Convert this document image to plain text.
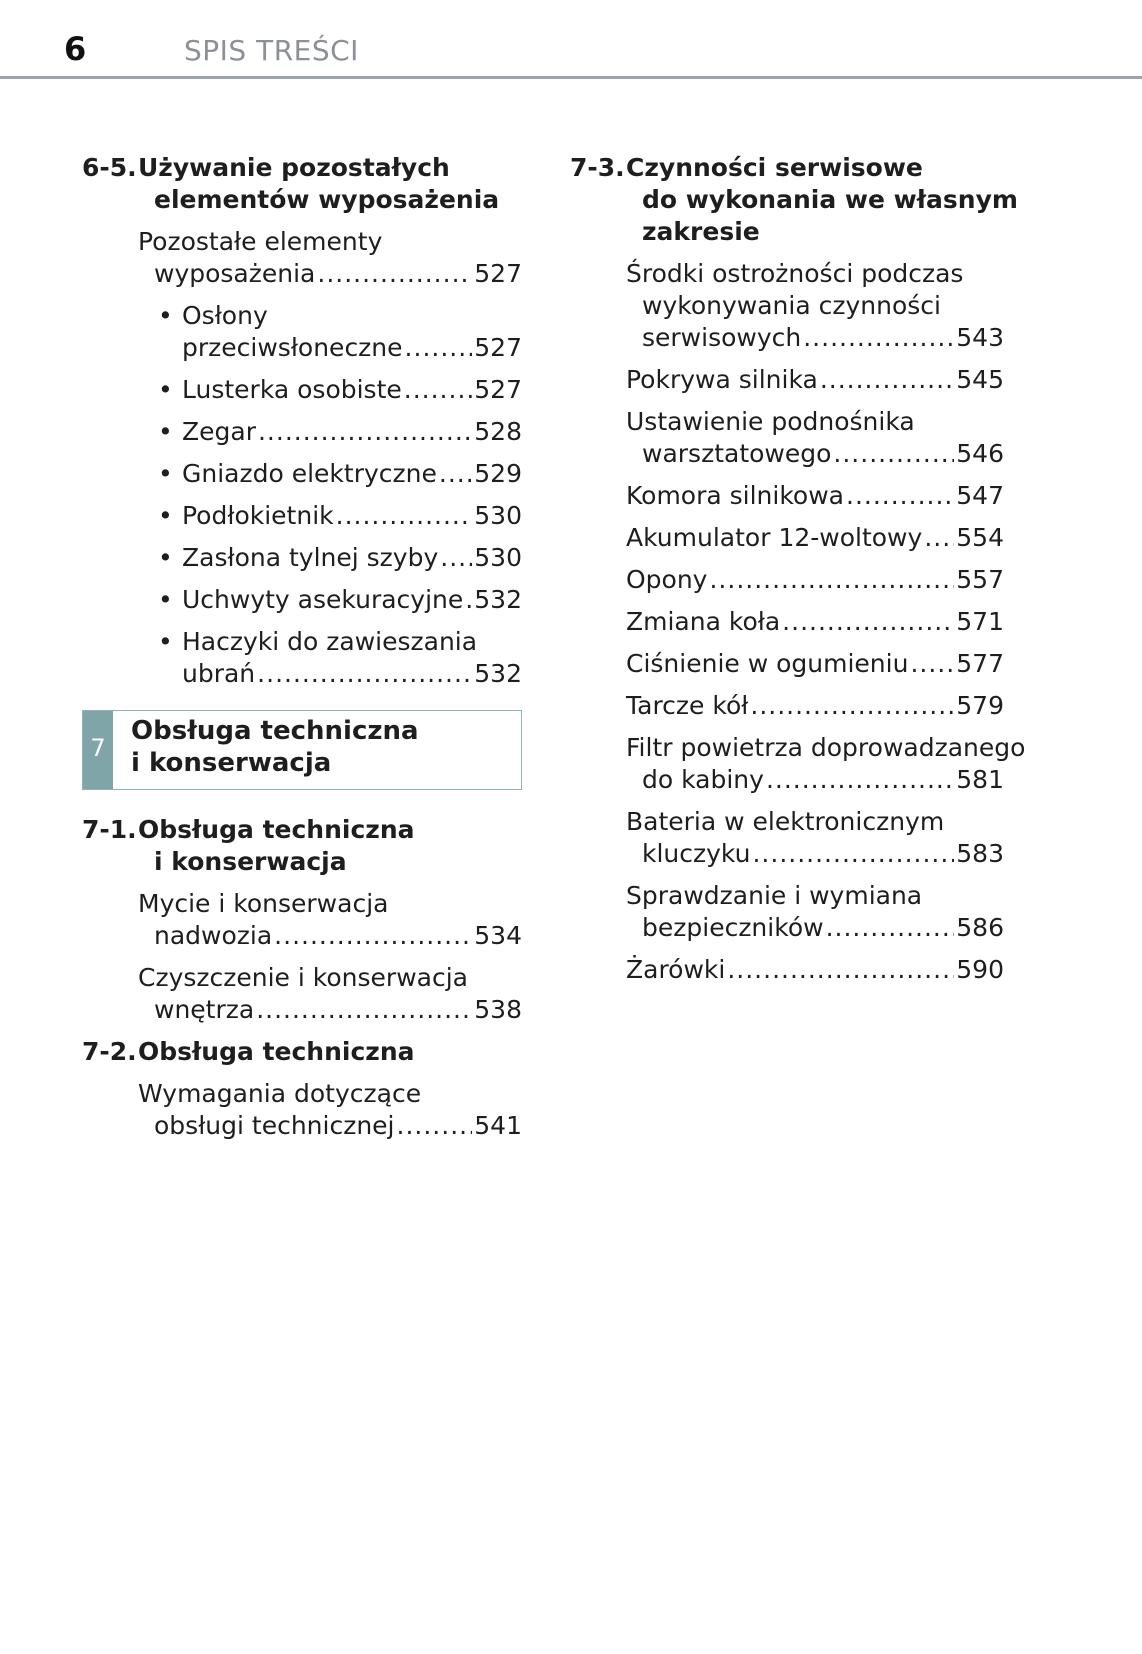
6	SPIS TREŚCI
6-5.Używanie pozostałych
elementów wyposażenia
Pozostałe elementy
wyposażenia .....	527
• Osłony
przeciwsłoneczne .....	527
• Lusterka osobiste .....	527
• Zegar .....	528
• Gniazdo elektryczne ..... 529
• Podłokietnik .....	530
• Zasłona tylnej szyby ..... 530
• Uchwyty asekuracyjne ..... 532
• Haczyki do zawieszania
ubrań .....	532
7
Obsługa techniczna
i konserwacja
7-1.Obsługa techniczna
i konserwacja
Mycie i konserwacja
nadwozia .....	534
Czyszczenie i konserwacja
wnętrza .....	538
7-2.Obsługa techniczna
Wymagania dotyczące
obsługi technicznej .....	541
7-3.Czynności serwisowe
do wykonania we własnym
zakresie
Środki ostrożności podczas
wykonywania czynności
serwisowych .....	543
Pokrywa silnika .....	545
Ustawienie podnośnika
warsztatowego .....	546
Komora silnikowa .....	547
Akumulator 12-woltowy ..... 554
Opony .....	557
Zmiana koła .....	571
Ciśnienie w ogumieniu ..... 577
Tarcze kół .....	579
Filtr powietrza doprowadzanego
do kabiny .....	581
Bateria w elektronicznym
kluczyku .....	583
Sprawdzanie i wymiana
bezpieczników .....	586
Żarówki .....	590
